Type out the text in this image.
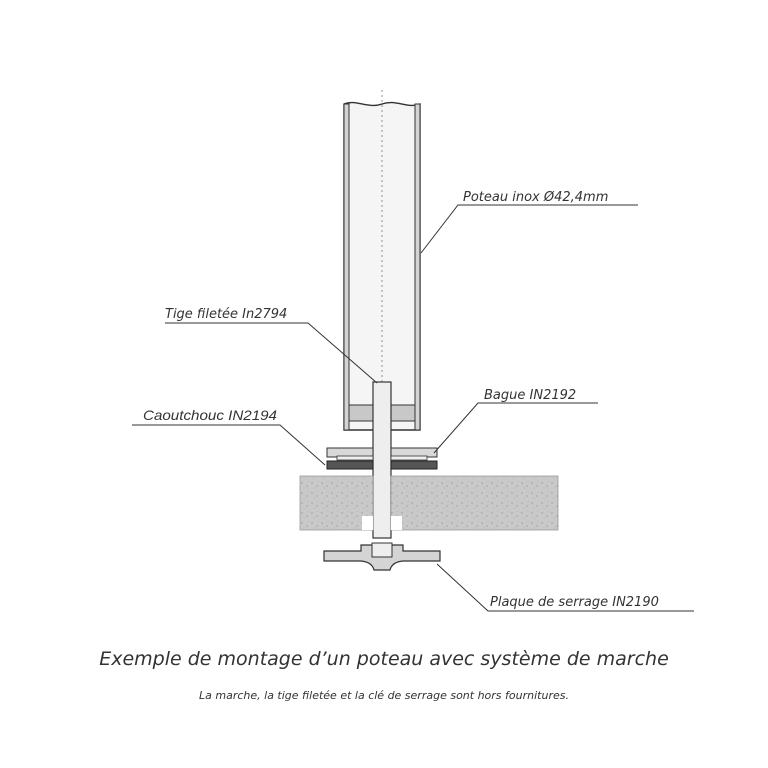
Poteau inox Ø42,4mm
Tige filetée In2794
Caoutchouc IN2194
Bague IN2192
Plaque de serrage IN2190
Exemple de montage d’un poteau avec système de marche
La marche, la tige filetée et la clé de serrage sont hors fournitures.
